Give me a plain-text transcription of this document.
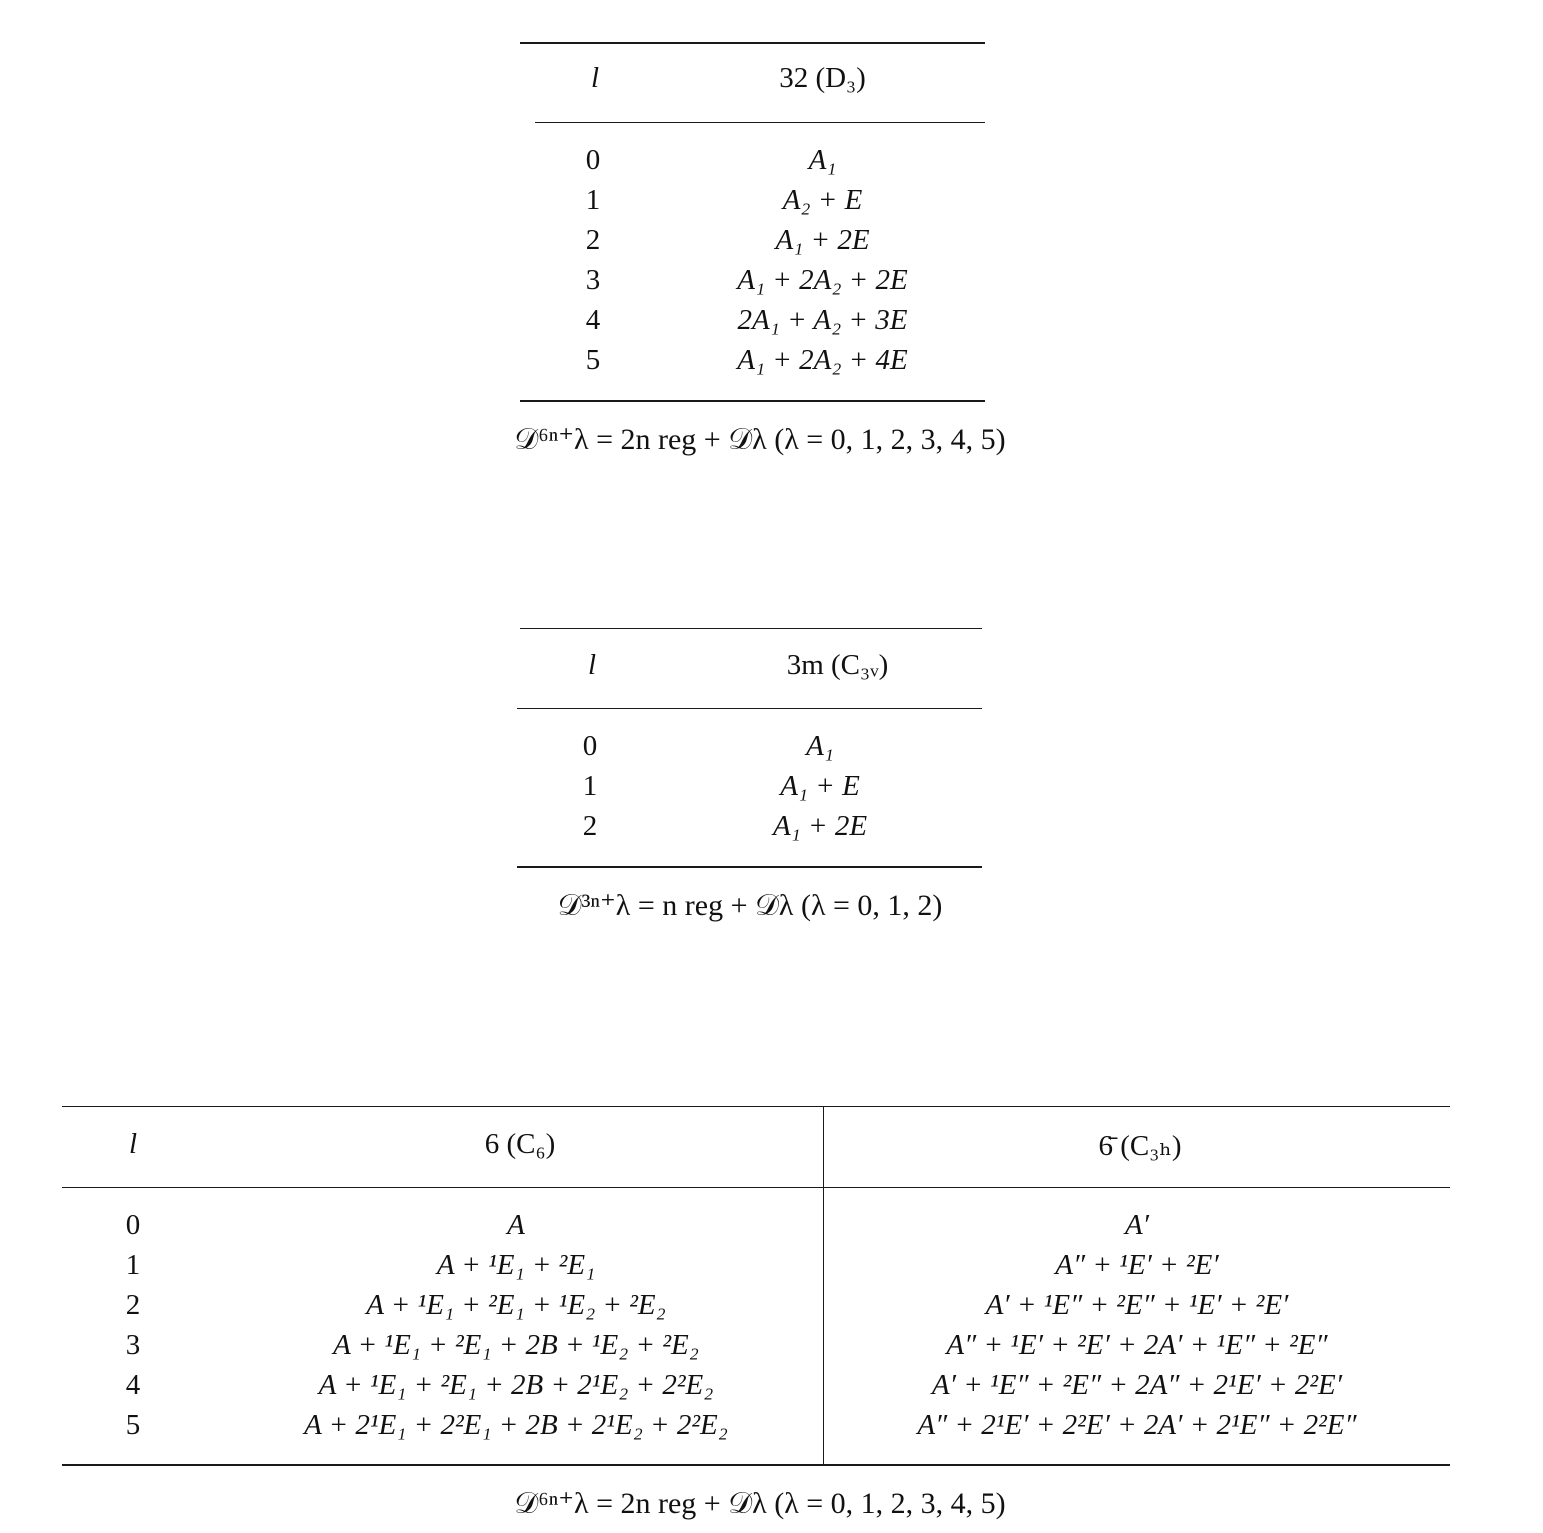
l	32 (D₃)
0	A₁
1	A₂ + E
2	A₁ + 2E
3	A₁ + 2A₂ + 2E
4	2A₁ + A₂ + 3E
5	A₁ + 2A₂ + 4E
𝒟⁶ⁿ⁺λ = 2n reg + 𝒟λ (λ = 0, 1, 2, 3, 4, 5)
l	3m (C₃ᵥ)
0	A₁
1	A₁ + E
2	A₁ + 2E
𝒟³ⁿ⁺λ = n reg + 𝒟λ (λ = 0, 1, 2)
l	6 (C₆)	6̄ (C₃ₕ)
0	A	A′
1	A + ¹E₁ + ²E₁	A″ + ¹E′ + ²E′
2	A + ¹E₁ + ²E₁ + ¹E₂ + ²E₂	A′ + ¹E″ + ²E″ + ¹E′ + ²E′
3	A + ¹E₁ + ²E₁ + 2B + ¹E₂ + ²E₂	A″ + ¹E′ + ²E′ + 2A′ + ¹E″ + ²E″
4	A + ¹E₁ + ²E₁ + 2B + 2¹E₂ + 2²E₂	A′ + ¹E″ + ²E″ + 2A″ + 2¹E′ + 2²E′
5	A + 2¹E₁ + 2²E₁ + 2B + 2¹E₂ + 2²E₂	A″ + 2¹E′ + 2²E′ + 2A′ + 2¹E″ + 2²E″
𝒟⁶ⁿ⁺λ = 2n reg + 𝒟λ (λ = 0, 1, 2, 3, 4, 5)
